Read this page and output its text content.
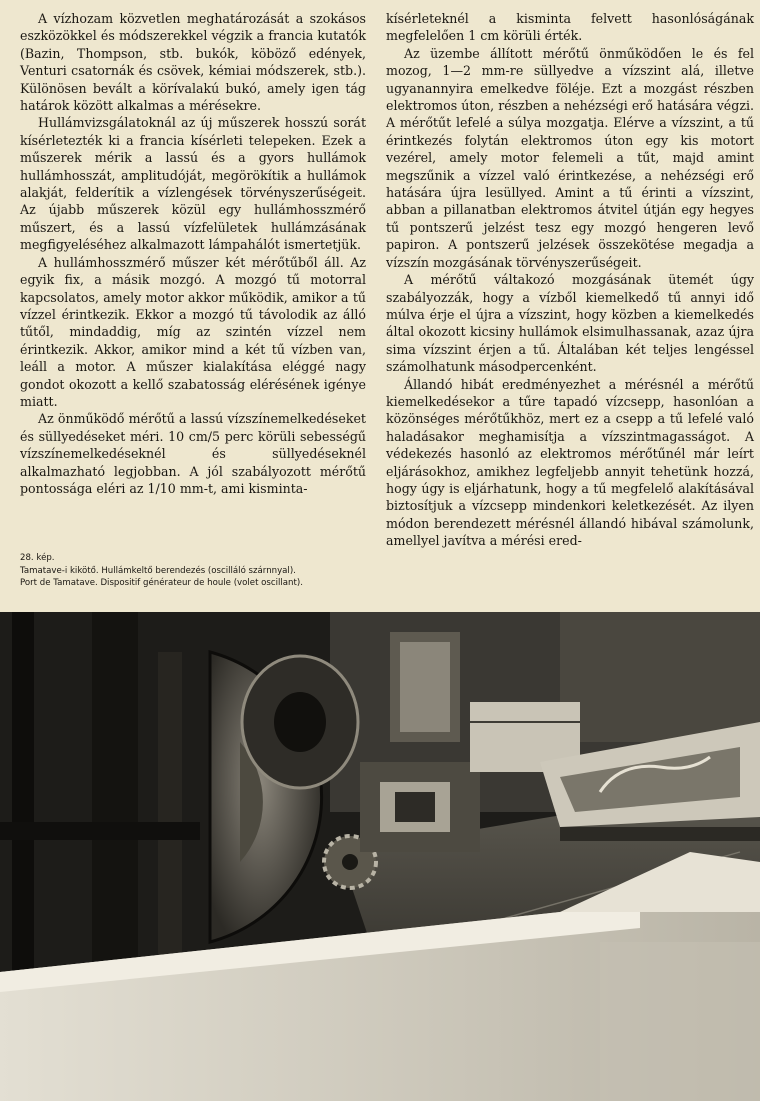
A vízhozam közvetlen meghatározását a szokásos eszközökkel és módszerekkel végzik a francia kutatók (Bazin, Thompson, stb. bukók, köböző edények, Venturi csatornák és csövek, kémiai módszerek, stb.). Különösen bevált a körívalakú bukó, amely igen tág határok között alkalmas a mérésekre.

Hullámvizsgálatoknál az új műszerek hosszú sorát kísérletezték ki a francia kísérleti telepeken. Ezek a műszerek mérik a lassú és a gyors hullámok hullámhosszát, amplitudóját, megörökítik a hullámok alakját, felderítik a vízlengések törvényszerűségeit. Az újabb műszerek közül egy hullámhosszmérő műszert, és a lassú vízfelületek hullámzásának megfigyeléséhez alkalmazott lámpahálót ismertetjük.

A hullámhosszmérő műszer két mérőtűből áll. Az egyik fix, a másik mozgó. A mozgó tű motorral kapcsolatos, amely motor akkor működik, amikor a tű vízzel érintkezik. Ekkor a mozgó tű távolodik az álló tűtől, mindaddig, míg az szintén vízzel nem érintkezik. Akkor, amikor mind a két tű vízben van, leáll a motor. A műszer kialakítása eléggé nagy gondot okozott a kellő szabatosság elérésének igénye miatt.

Az önműködő mérőtű a lassú vízszínemelkedéseket és süllyedéseket méri. 10 cm/5 perc körüli sebességű vízszínemelkedéseknél és süllyedéseknél alkalmazható legjobban. A jól szabályozott mérőtű pontossága eléri az 1/10 mm-t, ami kisminta-

28. kép.
Tamatave-i kikötő. Hullámkeltő berendezés (oscilláló szárnnyal).
Port de Tamatave. Dispositif générateur de houle (volet oscillant).

kísérleteknél a kisminta felvett hasonlóságának megfelelően 1 cm körüli érték.

Az üzembe állított mérőtű önműködően le és fel mozog, 1—2 mm-re süllyedve a vízszint alá, illetve ugyanannyira emelkedve föléje. Ezt a mozgást részben elektromos úton, részben a nehézségi erő hatására végzi. A mérőtűt lefelé a súlya mozgatja. Elérve a vízszint, a tű érintkezés folytán elektromos úton egy kis motort vezérel, amely motor felemeli a tűt, majd amint megszűnik a vízzel való érintkezése, a nehézségi erő hatására újra lesüllyed. Amint a tű érinti a vízszint, abban a pillanatban elektromos átvitel útján egy hegyes tű pontszerű jelzést tesz egy mozgó hengeren levő papiron. A pontszerű jelzések összekötése megadja a vízszín mozgásának törvényszerűségeit.

A mérőtű váltakozó mozgásának ütemét úgy szabályozzák, hogy a vízből kiemelkedő tű annyi idő múlva érje el újra a vízszint, hogy közben a kiemelkedés által okozott kicsiny hullámok elsimulhassanak, azaz újra sima vízszint érjen a tű. Általában két teljes lengéssel számolhatunk másodpercenként.

Állandó hibát eredményezhet a mérésnél a mérőtű kiemelkedésekor a tűre tapadó vízcsepp, hasonlóan a közönséges mérőtűkhöz, mert ez a csepp a tű lefelé való haladásakor meghamisítja a vízszintmagasságot. A védekezés hasonló az elektromos mérőtűnél már leírt eljárásokhoz, amikhez legfeljebb annyit tehetünk hozzá, hogy úgy is eljárhatunk, hogy a tű megfelelő alakításával biztosítjuk a vízcsepp mindenkori keletkezését. Az ilyen módon berendezett mérésnél állandó hibával számolunk, amellyel javítva a mérési ered-
